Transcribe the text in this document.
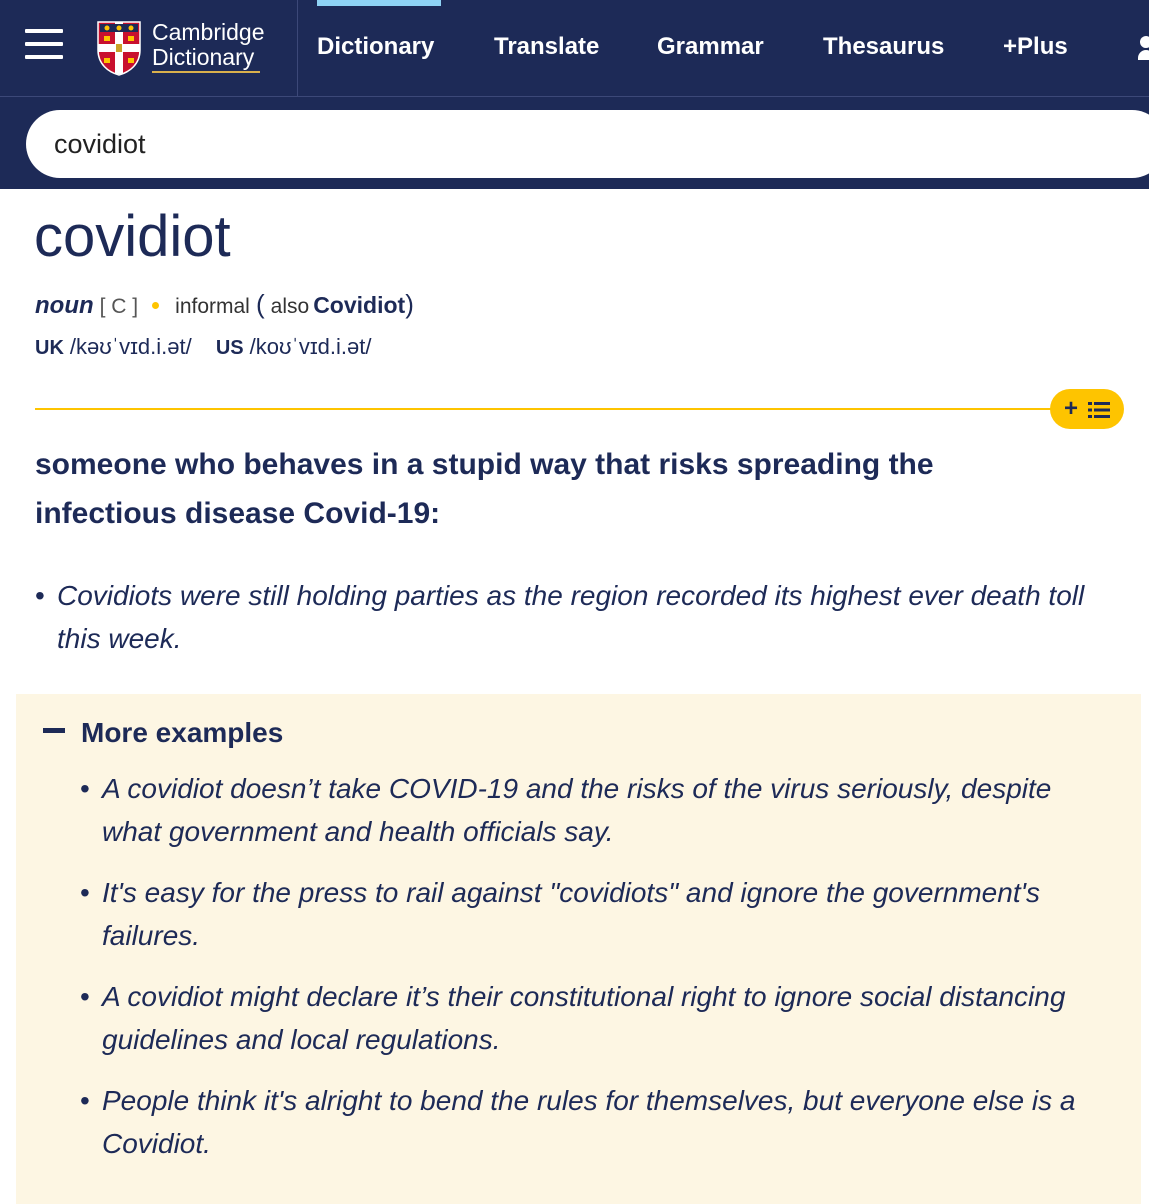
Cambridge
Dictionary	Dictionary Translate Grammar Thesaurus +Plus
covidiot
covidiot
noun [ C ] informal ( also Covidiot)
UK /kəʊˈvɪd.i.ət/ US /koʊˈvɪd.i.ət/
+

someone who behaves in a stupid way that risks spreading the infectious disease Covid-19:

• Covidiots were still holding parties as the region recorded its highest ever death toll this week.
More examples
• A covidiot doesn’t take COVID-19 and the risks of the virus seriously, despite what government and health officials say.
• It's easy for the press to rail against "covidiots" and ignore the government's failures.
• A covidiot might declare it’s their constitutional right to ignore social distancing guidelines and local regulations.
• People think it's alright to bend the rules for themselves, but everyone else is a Covidiot.
